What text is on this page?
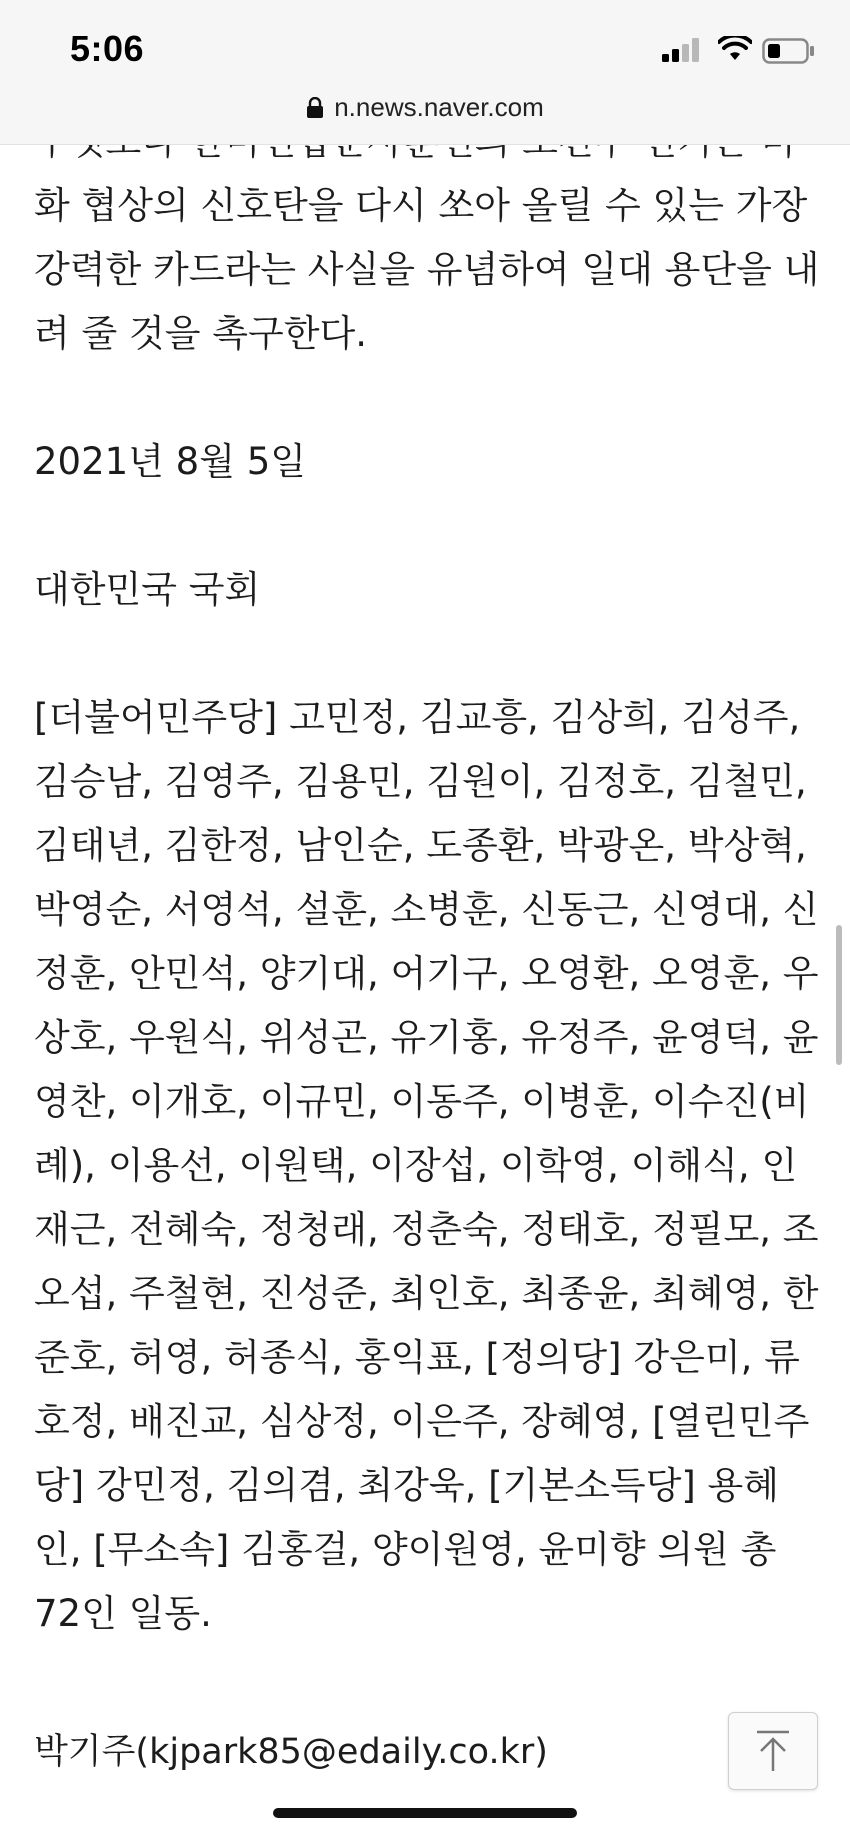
화 협상의 신호탄을 다시 쏘아 올릴 수 있는 가장 강력한 카드라는 사실을 유념하여 일대 용단을 내려 줄 것을 촉구한다.

2021년 8월 5일

대한민국 국회

[더불어민주당] 고민정, 김교흥, 김상희, 김성주, 김승남, 김영주, 김용민, 김원이, 김정호, 김철민, 김태년, 김한정, 남인순, 도종환, 박광온, 박상혁, 박영순, 서영석, 설훈, 소병훈, 신동근, 신영대, 신정훈, 안민석, 양기대, 어기구, 오영환, 오영훈, 우상호, 우원식, 위성곤, 유기홍, 유정주, 윤영덕, 윤영찬, 이개호, 이규민, 이동주, 이병훈, 이수진(비례), 이용선, 이원택, 이장섭, 이학영, 이해식, 인재근, 전혜숙, 정청래, 정춘숙, 정태호, 정필모, 조오섭, 주철현, 진성준, 최인호, 최종윤, 최혜영, 한준호, 허영, 허종식, 홍익표, [정의당] 강은미, 류호정, 배진교, 심상정, 이은주, 장혜영, [열린민주당] 강민정, 김의겸, 최강욱, [기본소득당] 용혜인, [무소속] 김홍걸, 양이원영, 윤미향 의원 총 72인 일동.

5:06
n.news.naver.com
박기주(kjpark85@edaily.co.kr)
